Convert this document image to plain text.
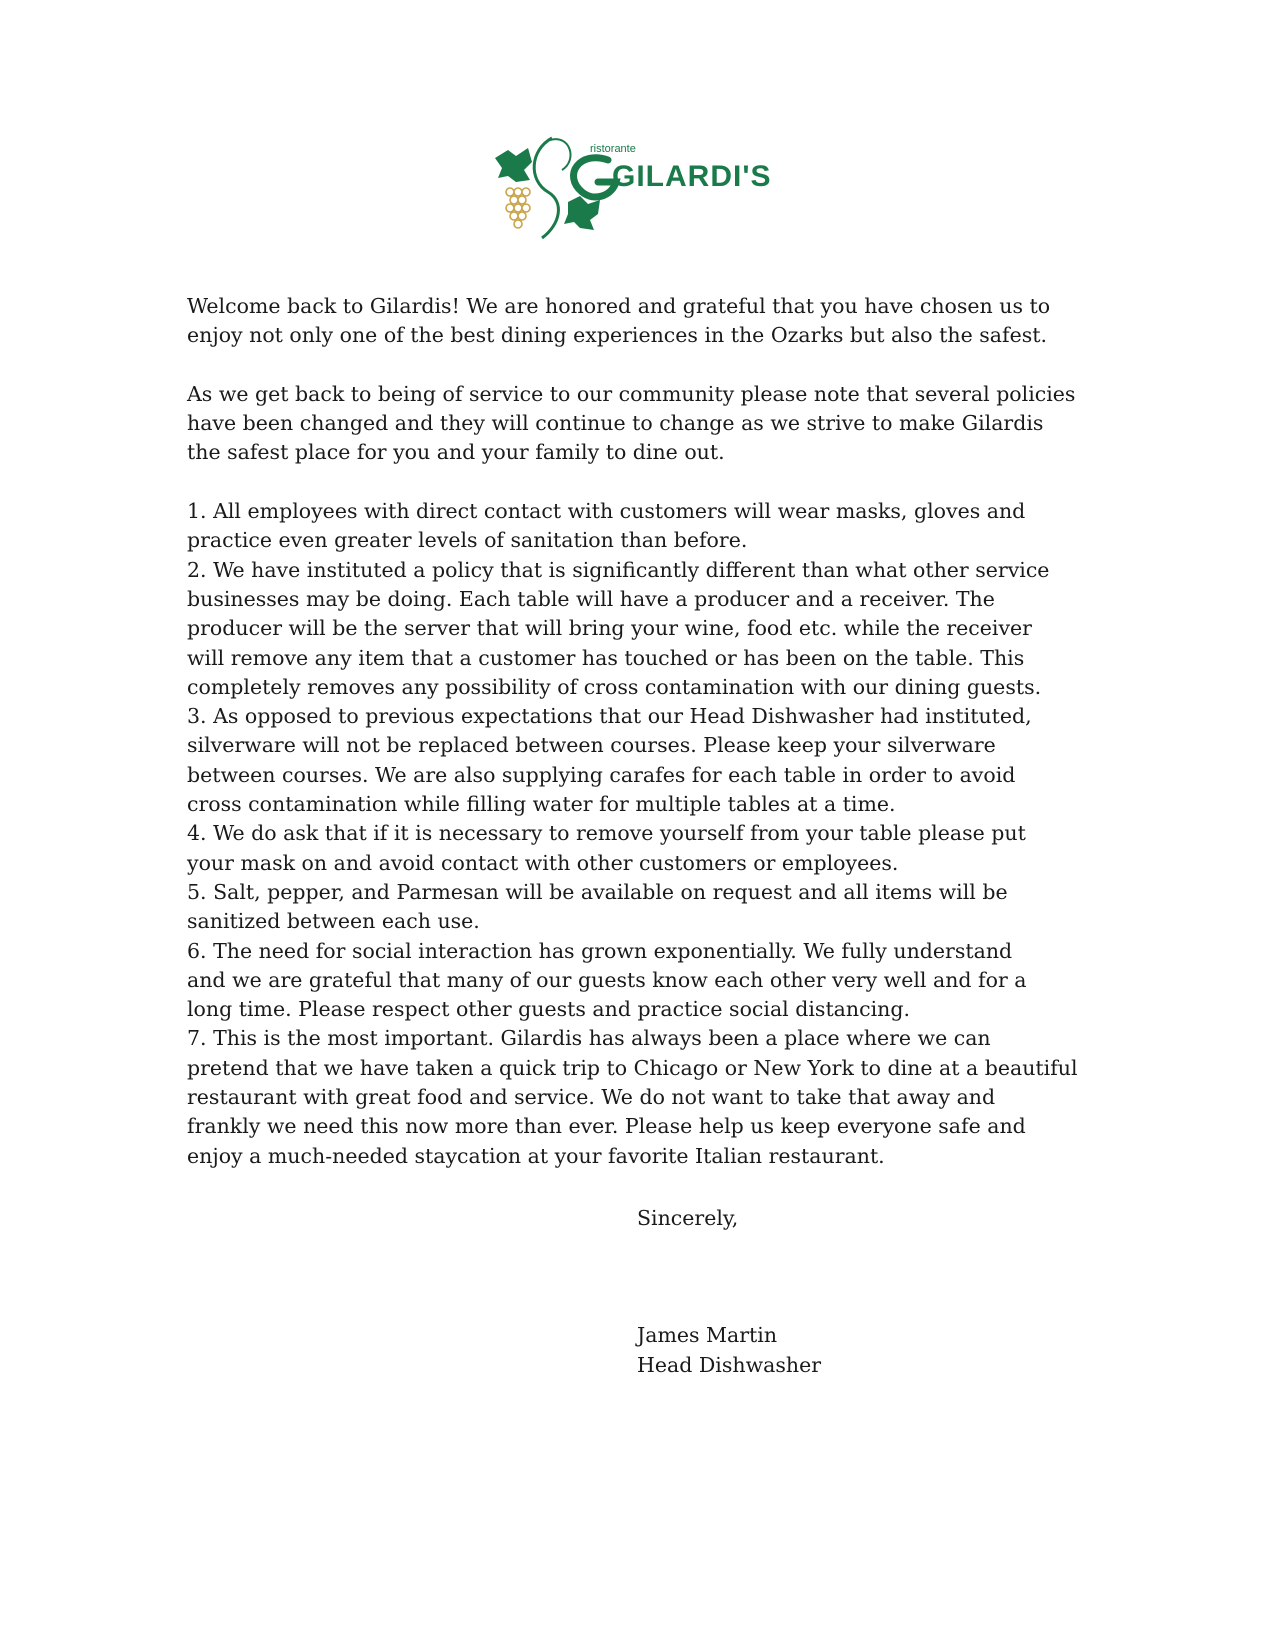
ristorante
GILARDI'S

Welcome back to Gilardis! We are honored and grateful that you have chosen us to

enjoy not only one of the best dining experiences in the Ozarks but also the safest.

As we get back to being of service to our community please note that several policies

have been changed and they will continue to change as we strive to make Gilardis

the safest place for you and your family to dine out.

1. All employees with direct contact with customers will wear masks, gloves and

practice even greater levels of sanitation than before.

2. We have instituted a policy that is significantly different than what other service

businesses may be doing. Each table will have a producer and a receiver. The

producer will be the server that will bring your wine, food etc. while the receiver

will remove any item that a customer has touched or has been on the table. This

completely removes any possibility of cross contamination with our dining guests.

3. As opposed to previous expectations that our Head Dishwasher had instituted,

silverware will not be replaced between courses. Please keep your silverware

between courses. We are also supplying carafes for each table in order to avoid

cross contamination while filling water for multiple tables at a time.

4. We do ask that if it is necessary to remove yourself from your table please put

your mask on and avoid contact with other customers or employees.

5. Salt, pepper, and Parmesan will be available on request and all items will be

sanitized between each use.

6. The need for social interaction has grown exponentially. We fully understand

and we are grateful that many of our guests know each other very well and for a

long time. Please respect other guests and practice social distancing.

7. This is the most important. Gilardis has always been a place where we can

pretend that we have taken a quick trip to Chicago or New York to dine at a beautiful

restaurant with great food and service. We do not want to take that away and

frankly we need this now more than ever. Please help us keep everyone safe and

enjoy a much-needed staycation at your favorite Italian restaurant.

Sincerely,

James Martin

Head Dishwasher
